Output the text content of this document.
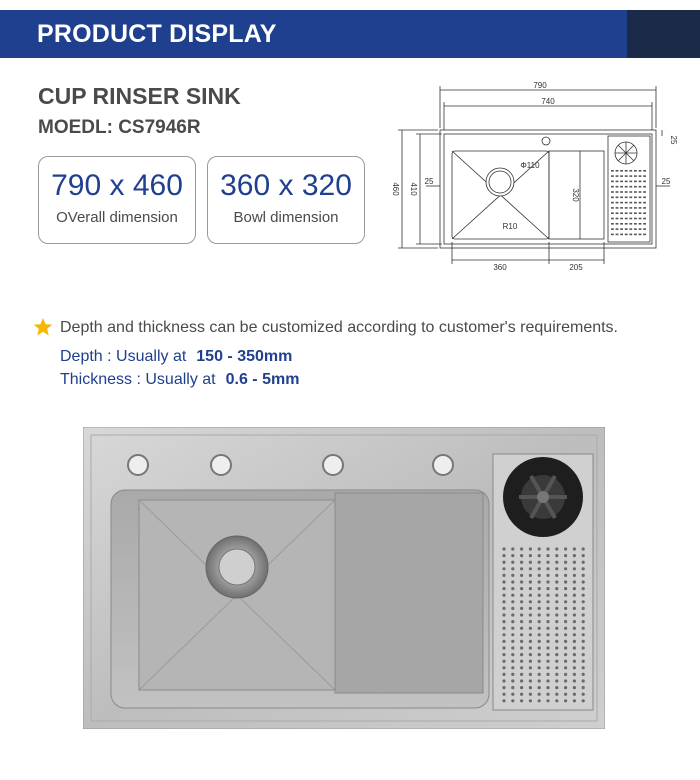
PRODUCT DISPLAY
CUP RINSER SINK
MOEDL: CS7946R
790 x 460
OVerall dimension
360 x 320
Bowl dimension
790
740
460 410	320
25	25
25
360	205
Φ110
R10
Depth and thickness can be customized according to customer's requirements.
Depth : Usually at 150 - 350mm
Thickness : Usually at 0.6 - 5mm
